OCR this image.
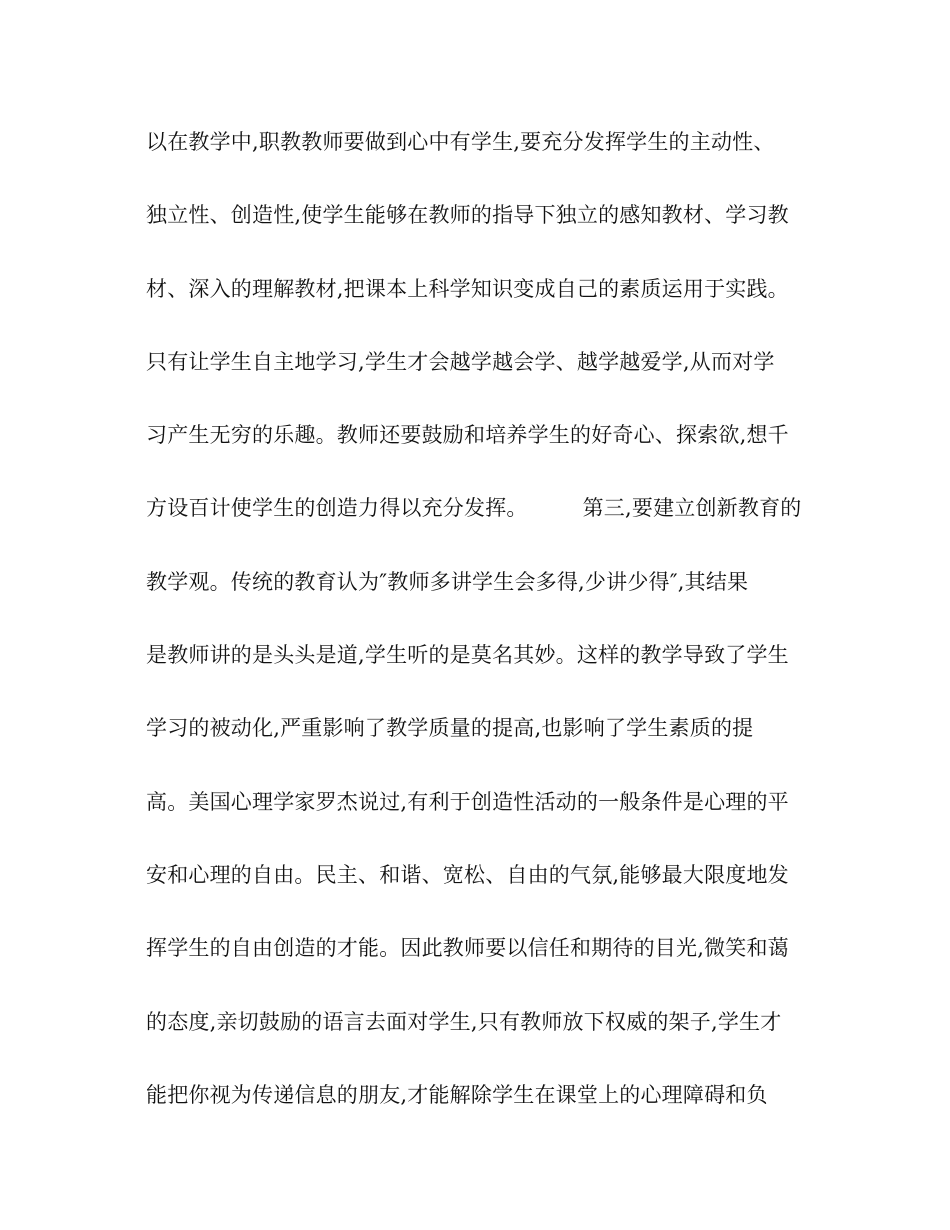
以在教学中,职教教师要做到心中有学生,要充分发挥学生的主动性、
独立性、创造性,使学生能够在教师的指导下独立的感知教材、学习教
材、深入的理解教材,把课本上科学知识变成自己的素质运用于实践。
只有让学生自主地学习,学生才会越学越会学、越学越爱学,从而对学
习产生无穷的乐趣。教师还要鼓励和培养学生的好奇心、探索欲,想千
方设百计使学生的创造力得以充分发挥。        第三,要建立创新教育的
教学观。传统的教育认为″教师多讲学生会多得,少讲少得″,其结果
是教师讲的是头头是道,学生听的是莫名其妙。这样的教学导致了学生
学习的被动化,严重影响了教学质量的提高,也影响了学生素质的提
高。美国心理学家罗杰说过,有利于创造性活动的一般条件是心理的平
安和心理的自由。民主、和谐、宽松、自由的气氛,能够最大限度地发
挥学生的自由创造的才能。因此教师要以信任和期待的目光,微笑和蔼
的态度,亲切鼓励的语言去面对学生,只有教师放下权威的架子,学生才
能把你视为传递信息的朋友,才能解除学生在课堂上的心理障碍和负
